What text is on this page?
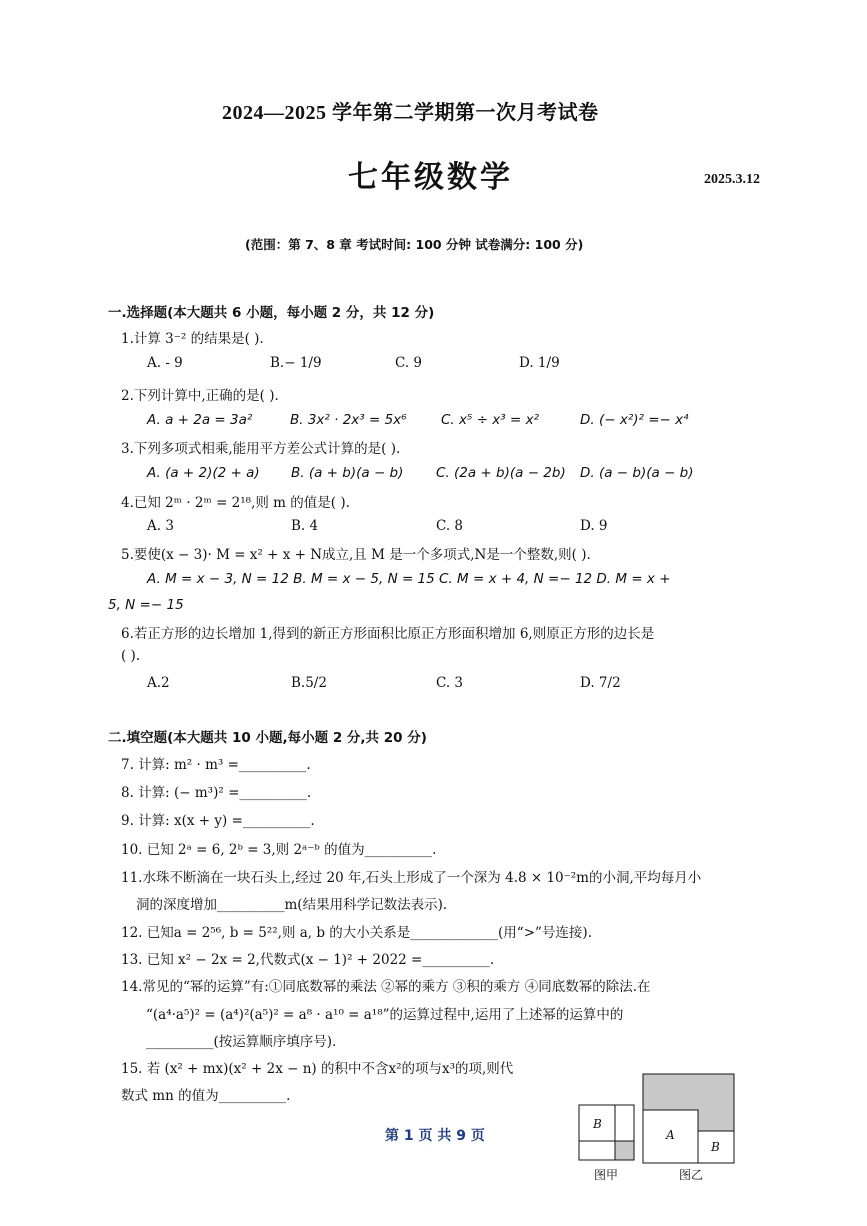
2024—2025 学年第二学期第一次月考试卷
七年级数学	2025.3.12
(范围：第 7、8 章 考试时间: 100 分钟 试卷满分: 100 分)
一.选择题(本大题共 6 小题，每小题 2 分，共 12 分)
1.计算 3⁻² 的结果是( ).
A. - 9	B.− 1/9	C. 9	D. 1/9
2.下列计算中,正确的是( ).
A. a + 2a = 3a²	B. 3x² · 2x³ = 5x⁶	C. x⁵ ÷ x³ = x²	D. (− x²)² =− x⁴
3.下列多项式相乘,能用平方差公式计算的是( ).
A. (a + 2)(2 + a) B. (a + b)(a − b) C. (2a + b)(a − 2b) D. (a − b)(a − b)
4.已知 2ᵐ · 2ᵐ = 2¹⁸,则 m 的值是( ).
A. 3	B. 4	C. 8	D. 9
5.要使(x − 3)· M = x² + x + N成立,且 M 是一个多项式,N是一个整数,则( ).
A. M = x − 3, N = 12 B. M = x − 5, N = 15 C. M = x + 4, N =− 12 D. M = x +
5, N =− 15
6.若正方形的边长增加 1,得到的新正方形面积比原正方形面积增加 6,则原正方形的边长是
( ).
A.2	B.5/2	C. 3	D. 7/2
二.填空题(本大题共 10 小题,每小题 2 分,共 20 分)
7. 计算: m² · m³ =__________.
8. 计算: (− m³)² =__________.
9. 计算: x(x + y) =__________.
10. 已知 2ᵃ = 6, 2ᵇ = 3,则 2ᵃ⁻ᵇ 的值为__________.
11.水珠不断滴在一块石头上,经过 20 年,石头上形成了一个深为 4.8 × 10⁻²m的小洞,平均每月小
洞的深度增加__________m(结果用科学记数法表示).
12. 已知a = 2⁵⁶, b = 5²²,则 a, b 的大小关系是_____________(用“>”号连接).
13. 已知 x² − 2x = 2,代数式(x − 1)² + 2022 =__________.
14.常见的“幂的运算”有:①同底数幂的乘法 ②幂的乘方 ③积的乘方 ④同底数幂的除法.在
“(a⁴·a⁵)² = (a⁴)²(a⁵)² = a⁸ · a¹⁰ = a¹⁸”的运算过程中,运用了上述幂的运算中的
__________(按运算顺序填序号).
15. 若 (x² + mx)(x² + 2x − n) 的积中不含x²的项与x³的项,则代
数式 mn 的值为__________.
第 1 页 共 9 页
B
图甲
A
B
图乙
